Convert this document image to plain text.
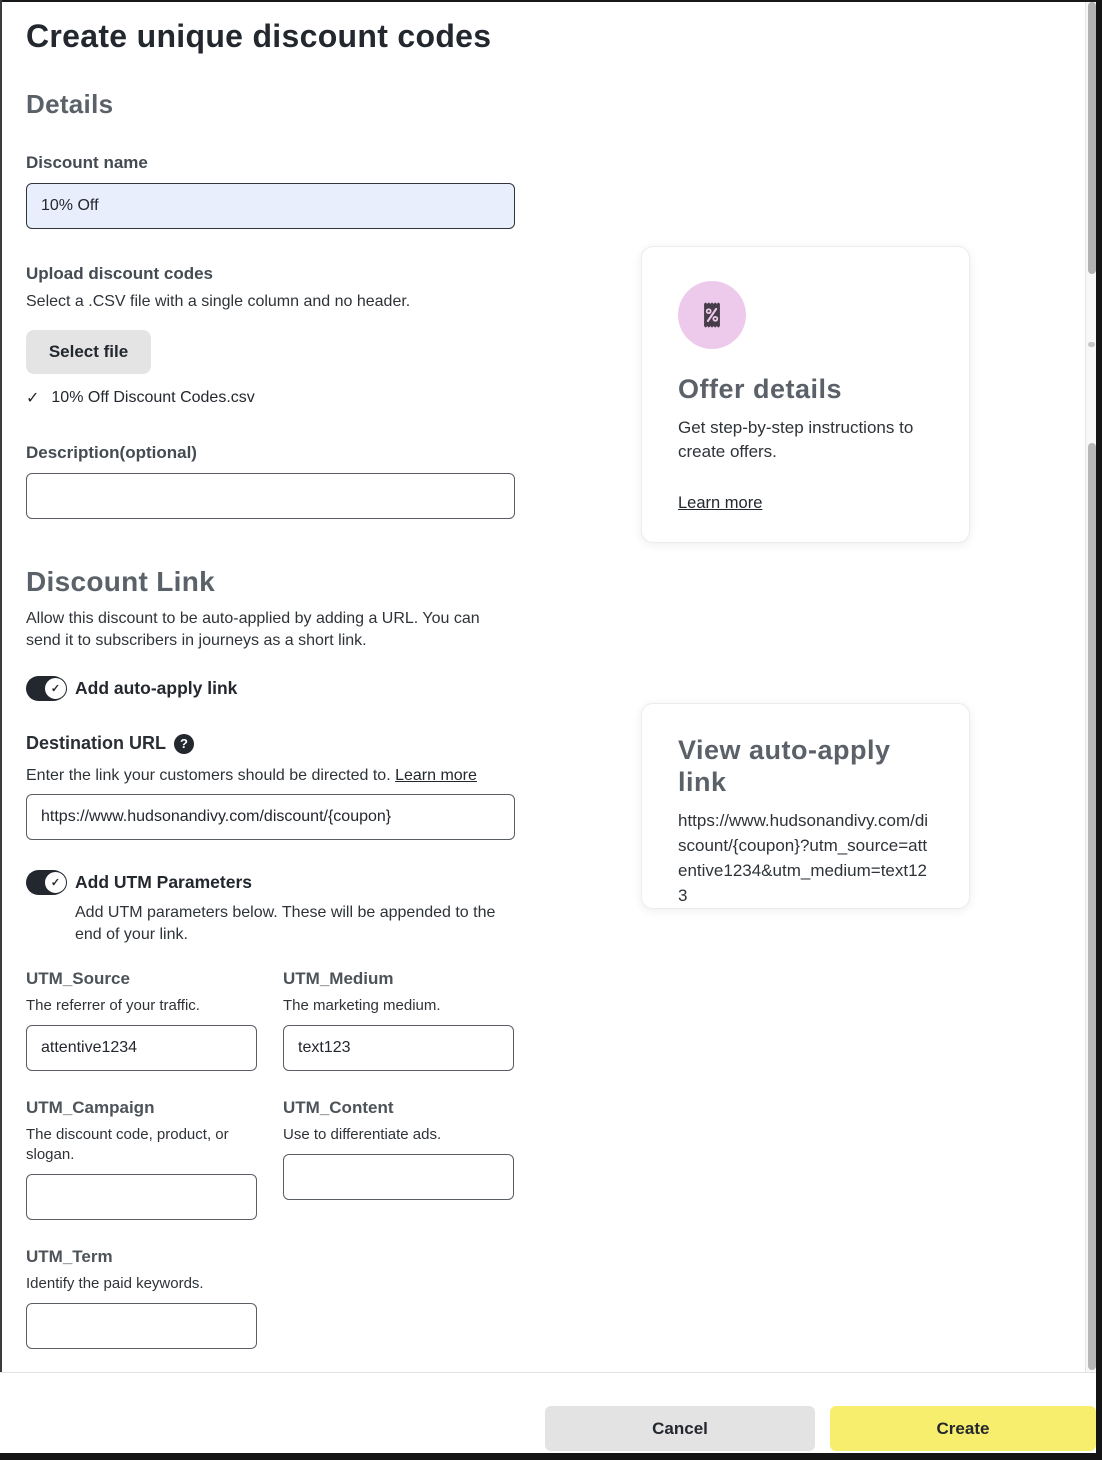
Create unique discount codes
Details
Discount name
10% Off
Upload discount codes
Select a .CSV file with a single column and no header.
Select file
✓ 10% Off Discount Codes.csv
Description(optional)
Discount Link
Allow this discount to be auto-applied by adding a URL. You can send it to subscribers in journeys as a short link.
✓ Add auto-apply link
Destination URL	?
Enter the link your customers should be directed to. Learn more
https://www.hudsonandivy.com/discount/{coupon}
✓ Add UTM Parameters
Add UTM parameters below. These will be appended to the end of your link.
UTM_Source
The referrer of your traffic.
attentive1234
UTM_Medium
The marketing medium.
text123
UTM_Campaign
The discount code, product, or slogan.
UTM_Content
Use to differentiate ads.
UTM_Term
Identify the paid keywords.
Offer details
Get step-by-step instructions to create offers.
Learn more
View auto-apply link
https://www.hudsonandivy.com/discount/{coupon}?utm_source=attentive1234&utm_medium=text123
Cancel	Create
